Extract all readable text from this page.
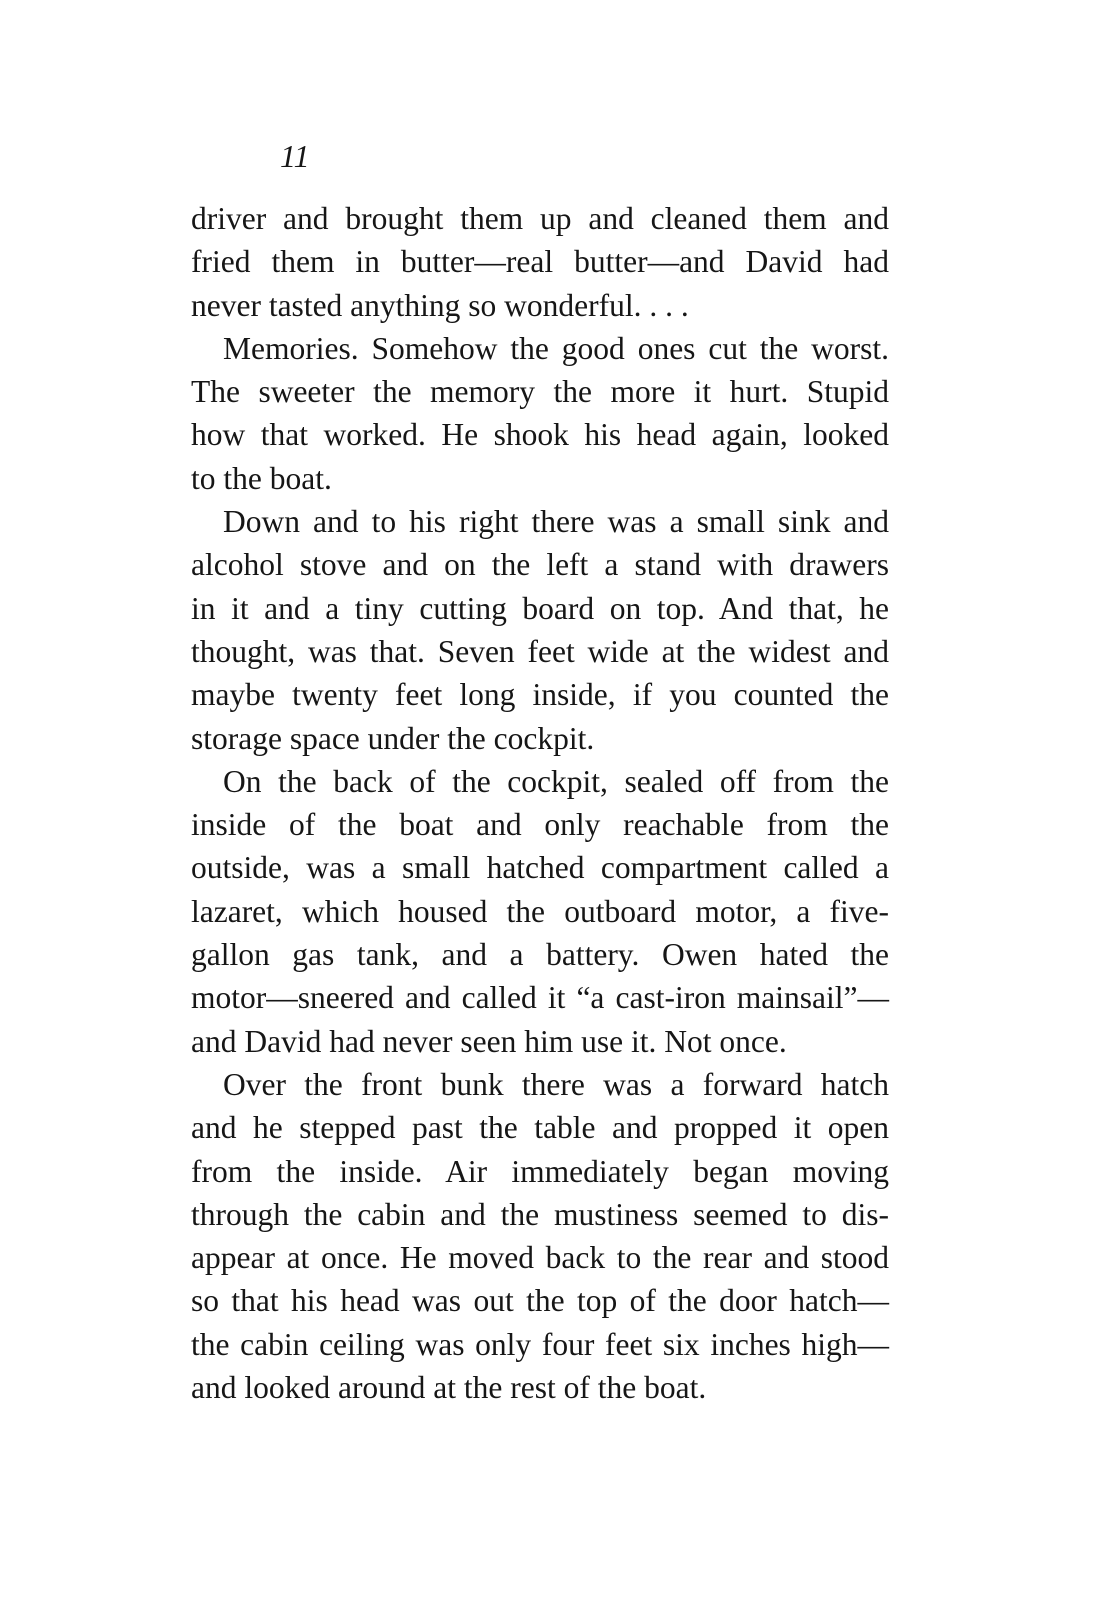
11
driver and brought them up and cleaned them and
fried them in butter—real butter—and David had
never tasted anything so wonderful. . . .
Memories. Somehow the good ones cut the worst.
The sweeter the memory the more it hurt. Stupid
how that worked. He shook his head again, looked
to the boat.
Down and to his right there was a small sink and
alcohol stove and on the left a stand with drawers
in it and a tiny cutting board on top. And that, he
thought, was that. Seven feet wide at the widest and
maybe twenty feet long inside, if you counted the
storage space under the cockpit.
On the back of the cockpit, sealed off from the
inside of the boat and only reachable from the
outside, was a small hatched compartment called a
lazaret, which housed the outboard motor, a five-
gallon gas tank, and a battery. Owen hated the
motor—sneered and called it “a cast-iron mainsail”—
and David had never seen him use it. Not once.
Over the front bunk there was a forward hatch
and he stepped past the table and propped it open
from the inside. Air immediately began moving
through the cabin and the mustiness seemed to dis-
appear at once. He moved back to the rear and stood
so that his head was out the top of the door hatch—
the cabin ceiling was only four feet six inches high—
and looked around at the rest of the boat.
